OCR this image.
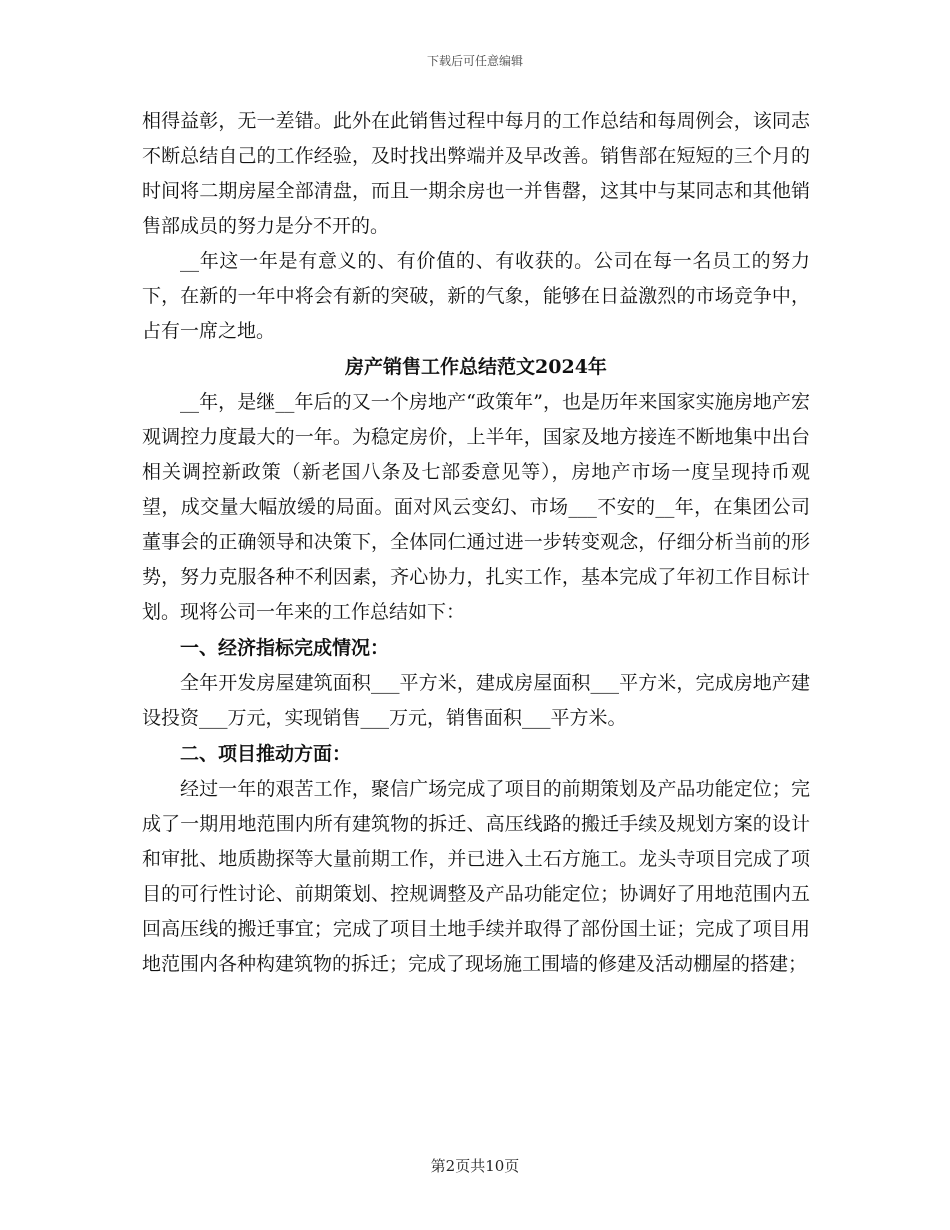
下载后可任意编辑

相得益彰，无一差错。此外在此销售过程中每月的工作总结和每周例会，该同志不断总结自己的工作经验，及时找出弊端并及早改善。销售部在短短的三个月的时间将二期房屋全部清盘，而且一期余房也一并售罄，这其中与某同志和其他销售部成员的努力是分不开的。

__年这一年是有意义的、有价值的、有收获的。公司在每一名员工的努力下，在新的一年中将会有新的突破，新的气象，能够在日益激烈的市场竞争中，占有一席之地。

房产销售工作总结范文2024年

__年，是继__年后的又一个房地产“政策年”，也是历年来国家实施房地产宏观调控力度最大的一年。为稳定房价，上半年，国家及地方接连不断地集中出台相关调控新政策（新老国八条及七部委意见等），房地产市场一度呈现持币观望，成交量大幅放缓的局面。面对风云变幻、市场___不安的__年，在集团公司董事会的正确领导和决策下，全体同仁通过进一步转变观念，仔细分析当前的形势，努力克服各种不利因素，齐心协力，扎实工作，基本完成了年初工作目标计划。现将公司一年来的工作总结如下：

一、经济指标完成情况：

全年开发房屋建筑面积___平方米，建成房屋面积___平方米，完成房地产建设投资___万元，实现销售___万元，销售面积___平方米。

二、项目推动方面：

经过一年的艰苦工作，聚信广场完成了项目的前期策划及产品功能定位；完成了一期用地范围内所有建筑物的拆迁、高压线路的搬迁手续及规划方案的设计和审批、地质勘探等大量前期工作，并已进入土石方施工。龙头寺项目完成了项目的可行性讨论、前期策划、控规调整及产品功能定位；协调好了用地范围内五回高压线的搬迁事宜；完成了项目土地手续并取得了部份国土证；完成了项目用地范围内各种构建筑物的拆迁；完成了现场施工围墙的修建及活动棚屋的搭建；

第2页共10页
